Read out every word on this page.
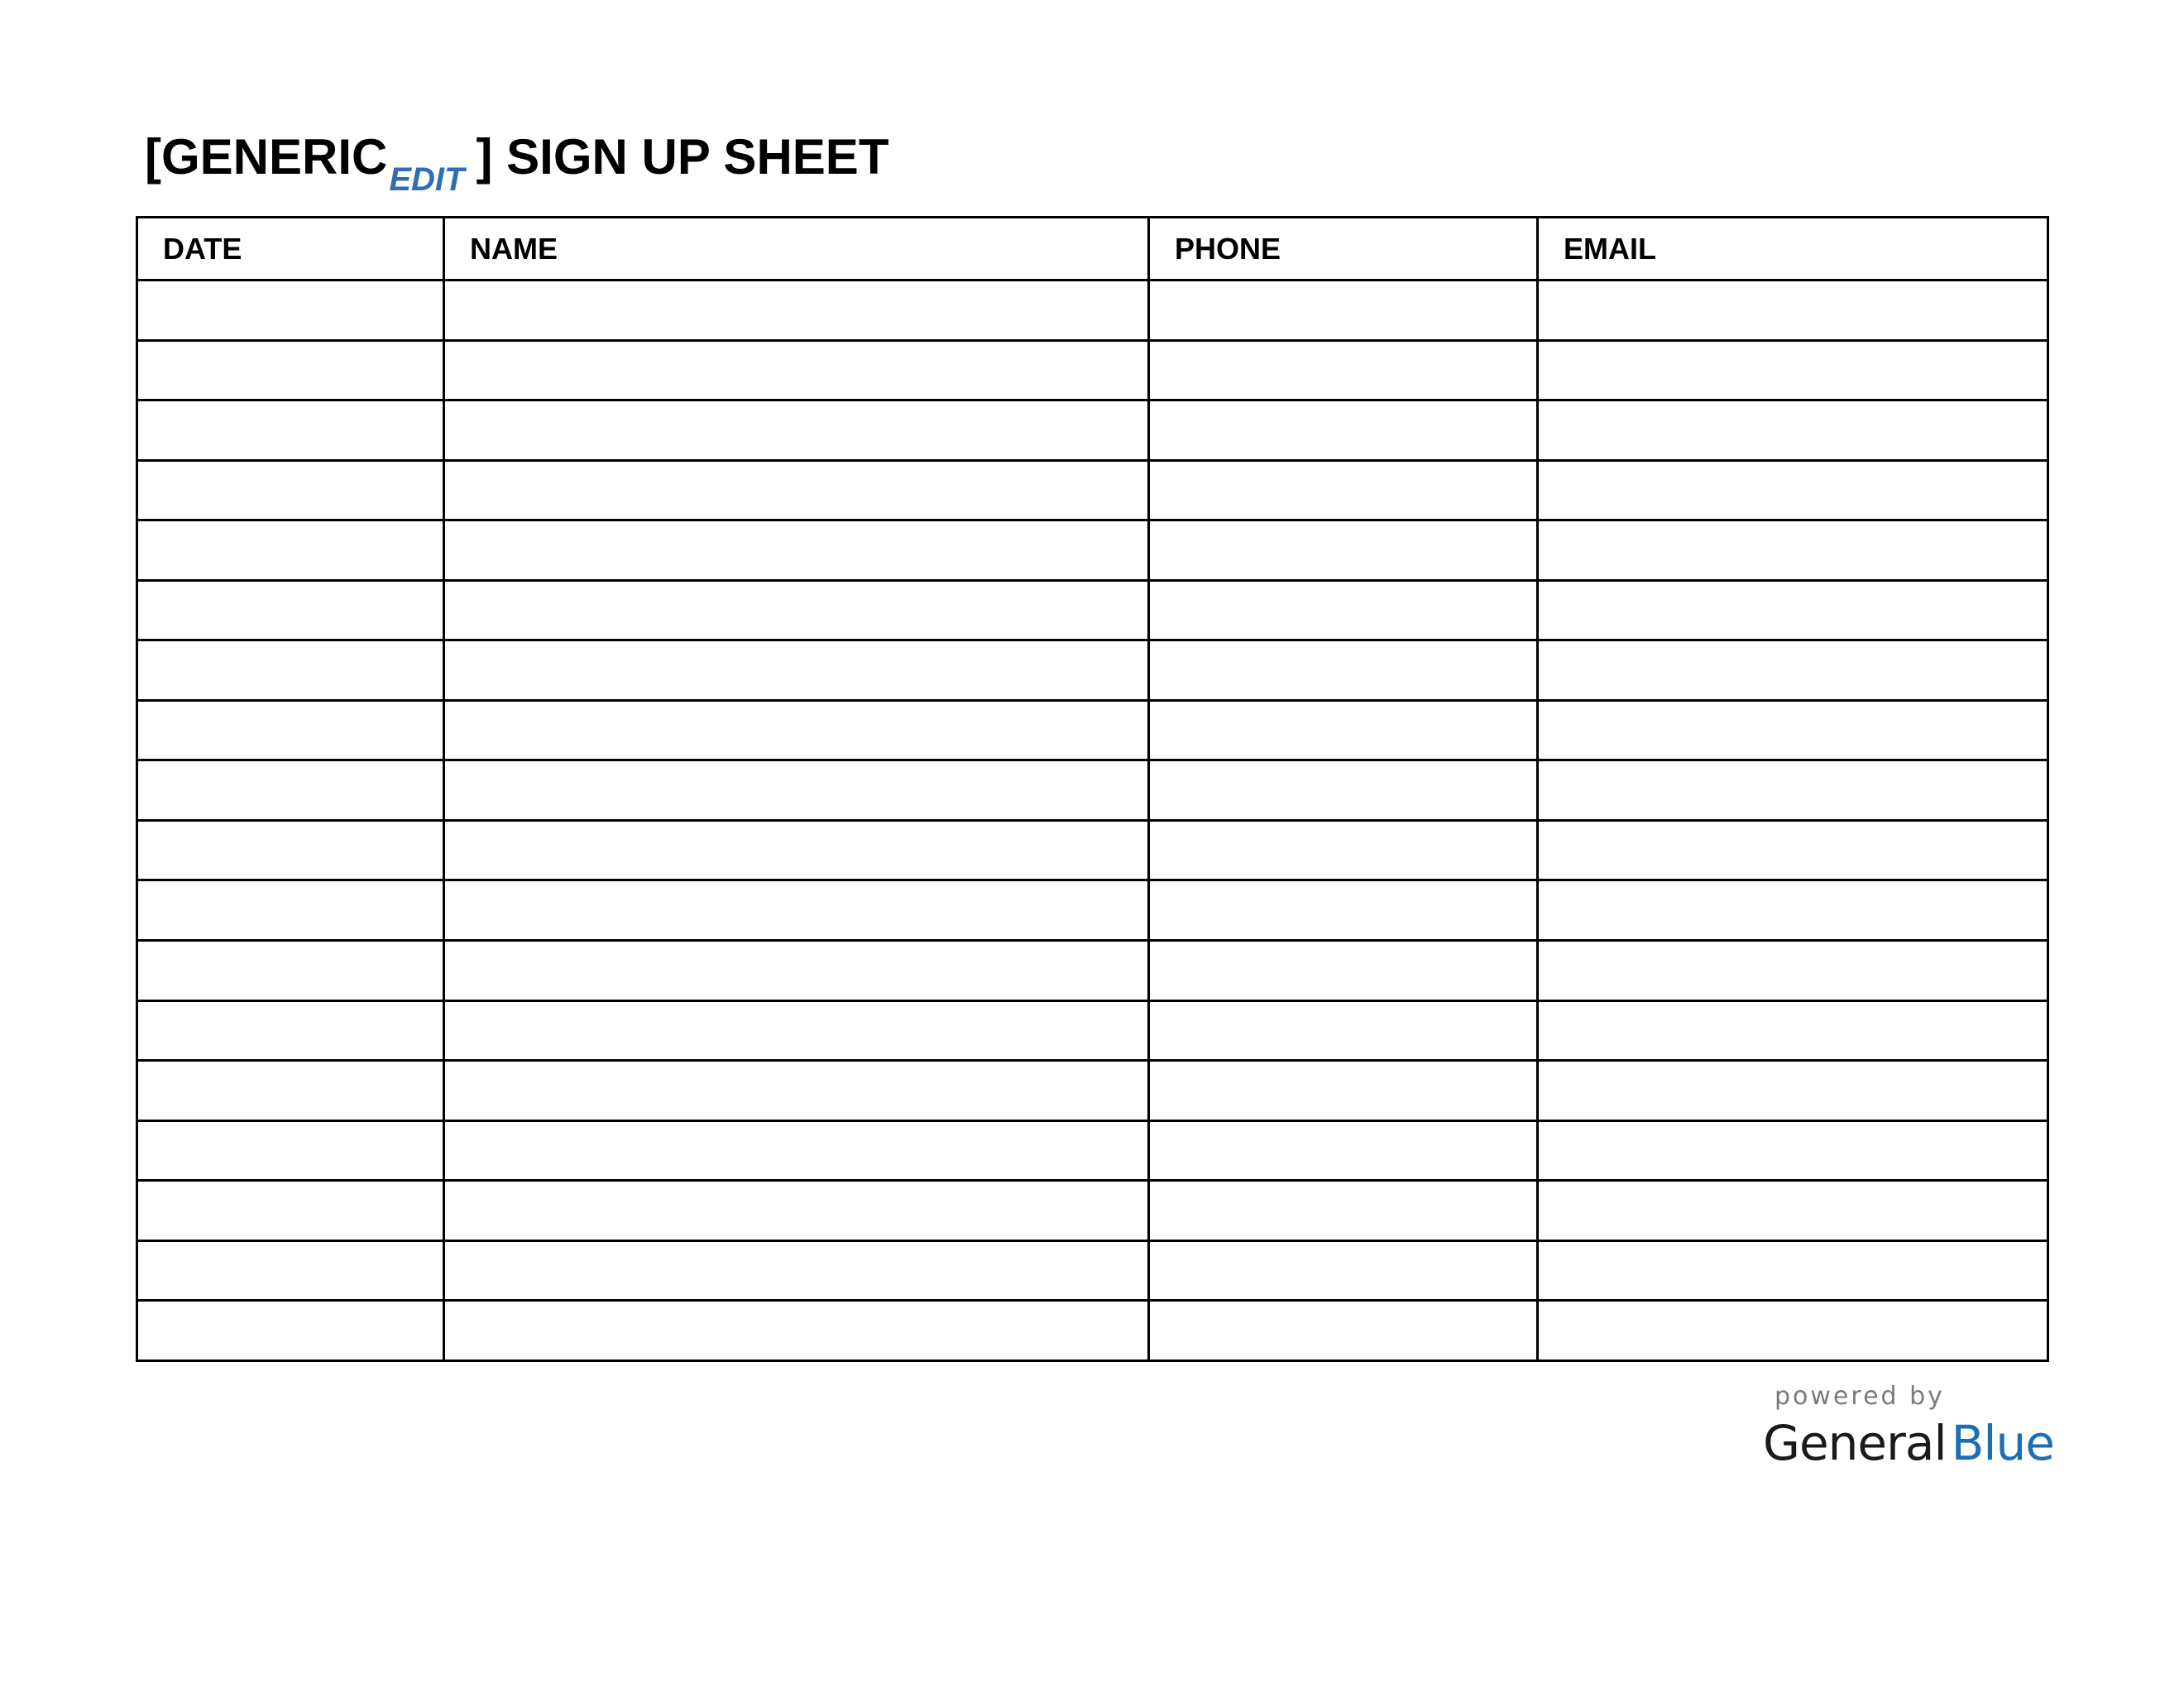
[$GENERIC_{EDIT}$ ] SIGN UP SHEET
DATE	NAME	PHONE	EMAIL

powered by
General Blue
